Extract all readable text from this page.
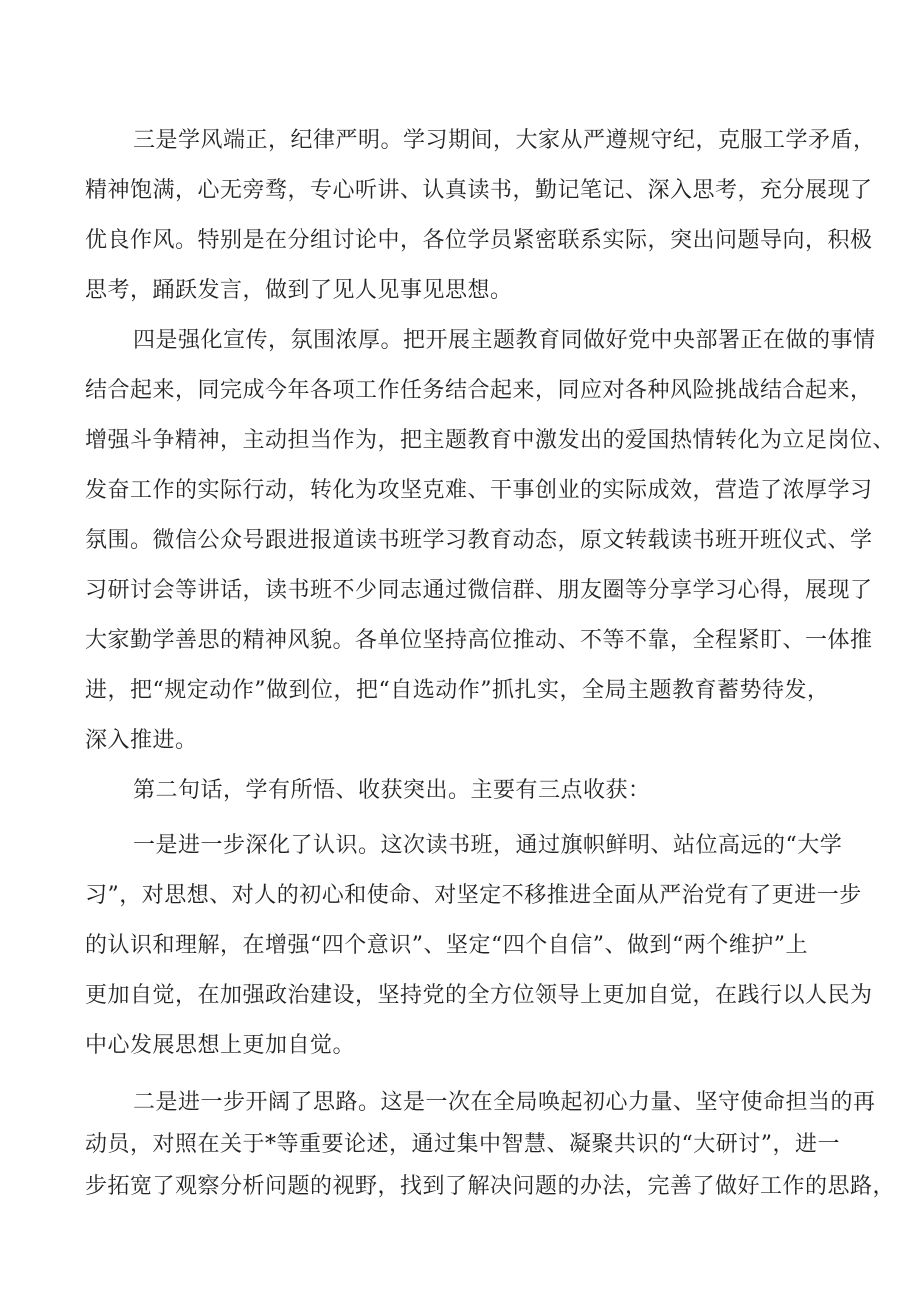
三是学风端正，纪律严明。学习期间，大家从严遵规守纪，克服工学矛盾，
精神饱满，心无旁骛，专心听讲、认真读书，勤记笔记、深入思考，充分展现了
优良作风。特别是在分组讨论中，各位学员紧密联系实际，突出问题导向，积极
思考，踊跃发言，做到了见人见事见思想。
四是强化宣传，氛围浓厚。把开展主题教育同做好党中央部署正在做的事情
结合起来，同完成今年各项工作任务结合起来，同应对各种风险挑战结合起来，
增强斗争精神，主动担当作为，把主题教育中激发出的爱国热情转化为立足岗位、
发奋工作的实际行动，转化为攻坚克难、干事创业的实际成效，营造了浓厚学习
氛围。微信公众号跟进报道读书班学习教育动态，原文转载读书班开班仪式、学
习研讨会等讲话，读书班不少同志通过微信群、朋友圈等分享学习心得，展现了
大家勤学善思的精神风貌。各单位坚持高位推动、不等不靠，全程紧盯、一体推
进，把“规定动作”做到位，把“自选动作”抓扎实，全局主题教育蓄势待发，
深入推进。
第二句话，学有所悟、收获突出。主要有三点收获：
一是进一步深化了认识。这次读书班，通过旗帜鲜明、站位高远的“大学
习”，对思想、对人的初心和使命、对坚定不移推进全面从严治党有了更进一步
的认识和理解，在增强“四个意识”、坚定“四个自信”、做到“两个维护”上
更加自觉，在加强政治建设，坚持党的全方位领导上更加自觉，在践行以人民为
中心发展思想上更加自觉。
二是进一步开阔了思路。这是一次在全局唤起初心力量、坚守使命担当的再
动员，对照在关于*等重要论述，通过集中智慧、凝聚共识的“大研讨”，进一
步拓宽了观察分析问题的视野，找到了解决问题的办法，完善了做好工作的思路，
